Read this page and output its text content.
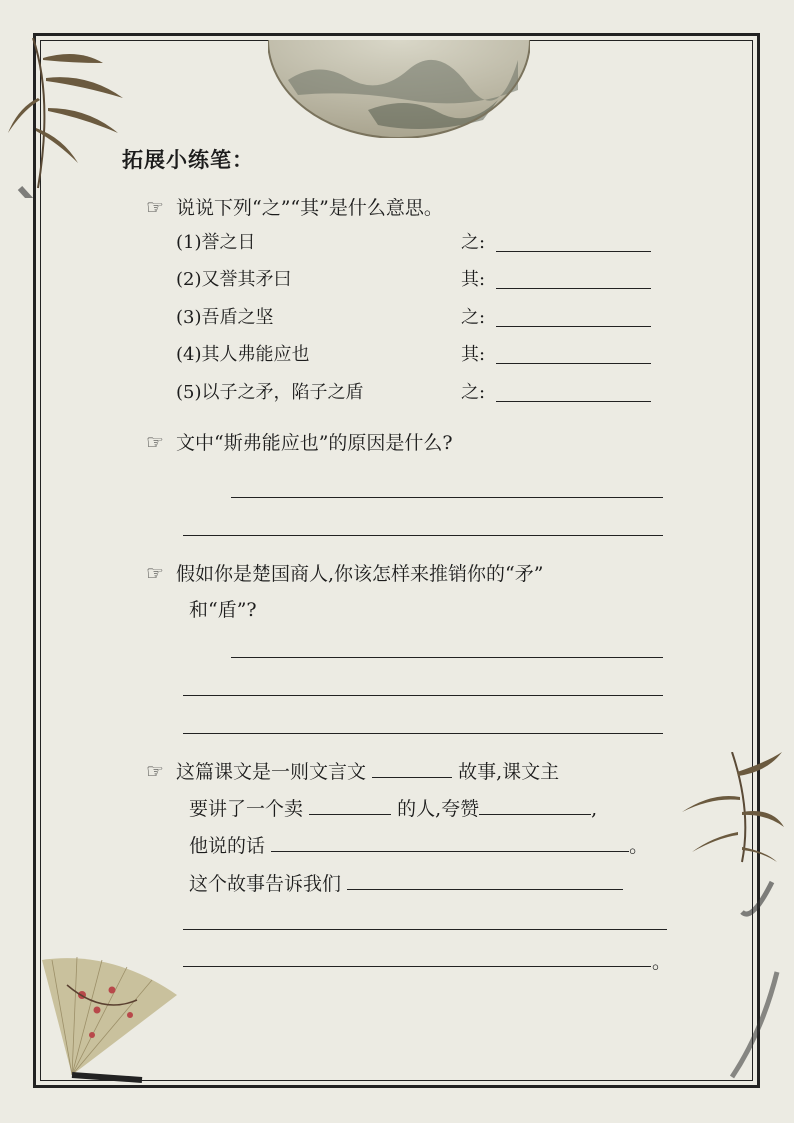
拓展小练笔：
☞ 说说下列“之”“其”是什么意思。
(1)誉之日	之:
(2)又誉其矛曰	其:
(3)吾盾之坚	之:
(4)其人弗能应也	其:
(5)以子之矛，陷子之盾	之:
☞ 文中“斯弗能应也”的原因是什么?
☞ 假如你是楚国商人,你该怎样来推销你的“矛”
和“盾”?
☞ 这篇课文是一则文言文	故事,课文主
要讲了一个卖	的人,夸赞	,
他说的话	。
这个故事告诉我们
。
